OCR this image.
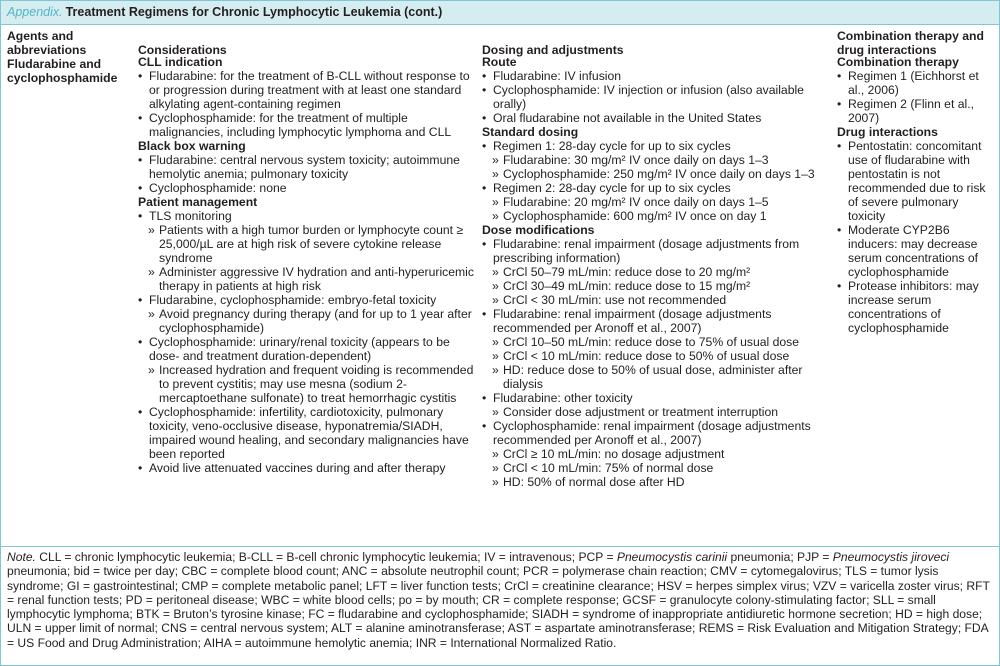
Appendix. Treatment Regimens for Chronic Lymphocytic Leukemia (cont.)
Agents and abbreviations
Fludarabine and cyclophosphamide
Considerations
CLL indication
• Fludarabine: for the treatment of B-CLL without response to or progression during treatment with at least one standard alkylating agent-containing regimen
• Cyclophosphamide: for the treatment of multiple malignancies, including lymphocytic lymphoma and CLL
Black box warning
• Fludarabine: central nervous system toxicity; autoimmune hemolytic anemia; pulmonary toxicity
• Cyclophosphamide: none
Patient management
• TLS monitoring
» Patients with a high tumor burden or lymphocyte count ≥ 25,000/µL are at high risk of severe cytokine release syndrome
» Administer aggressive IV hydration and anti-hyperuricemic therapy in patients at high risk
• Fludarabine, cyclophosphamide: embryo-fetal toxicity
» Avoid pregnancy during therapy (and for up to 1 year after cyclophosphamide)
• Cyclophosphamide: urinary/renal toxicity (appears to be dose- and treatment duration-dependent)
» Increased hydration and frequent voiding is recommended to prevent cystitis; may use mesna (sodium 2-mercaptoethane sulfonate) to treat hemorrhagic cystitis
• Cyclophosphamide: infertility, cardiotoxicity, pulmonary toxicity, veno-occlusive disease, hyponatremia/SIADH, impaired wound healing, and secondary malignancies have been reported
• Avoid live attenuated vaccines during and after therapy
Dosing and adjustments
Route
• Fludarabine: IV infusion
• Cyclophosphamide: IV injection or infusion (also available orally)
• Oral fludarabine not available in the United States
Standard dosing
• Regimen 1: 28-day cycle for up to six cycles
» Fludarabine: 30 mg/m² IV once daily on days 1–3
» Cyclophosphamide: 250 mg/m² IV once daily on days 1–3
• Regimen 2: 28-day cycle for up to six cycles
» Fludarabine: 20 mg/m² IV once daily on days 1–5
» Cyclophosphamide: 600 mg/m² IV once on day 1
Dose modifications
• Fludarabine: renal impairment (dosage adjustments from prescribing information)
» CrCl 50–79 mL/min: reduce dose to 20 mg/m²
» CrCl 30–49 mL/min: reduce dose to 15 mg/m²
» CrCl < 30 mL/min: use not recommended
• Fludarabine: renal impairment (dosage adjustments recommended per Aronoff et al., 2007)
» CrCl 10–50 mL/min: reduce dose to 75% of usual dose
» CrCl < 10 mL/min: reduce dose to 50% of usual dose
» HD: reduce dose to 50% of usual dose, administer after dialysis
• Fludarabine: other toxicity
» Consider dose adjustment or treatment interruption
• Cyclophosphamide: renal impairment (dosage adjustments recommended per Aronoff et al., 2007)
» CrCl ≥ 10 mL/min: no dosage adjustment
» CrCl < 10 mL/min: 75% of normal dose
» HD: 50% of normal dose after HD
Combination therapy and drug interactions
Combination therapy
• Regimen 1 (Eichhorst et al., 2006)
• Regimen 2 (Flinn et al., 2007)
Drug interactions
• Pentostatin: concomitant use of fludarabine with pentostatin is not recommended due to risk of severe pulmonary toxicity
• Moderate CYP2B6 inducers: may decrease serum concentrations of cyclophosphamide
• Protease inhibitors: may increase serum concentrations of cyclophosphamide
Note. CLL = chronic lymphocytic leukemia; B-CLL = B-cell chronic lymphocytic leukemia; IV = intravenous; PCP = Pneumocystis carinii pneumonia; PJP = Pneumocystis jiroveci pneumonia; bid = twice per day; CBC = complete blood count; ANC = absolute neutrophil count; PCR = polymerase chain reaction; CMV = cytomegalovirus; TLS = tumor lysis syndrome; GI = gastrointestinal; CMP = complete metabolic panel; LFT = liver function tests; CrCl = creatinine clearance; HSV = herpes simplex virus; VZV = varicella zoster virus; RFT = renal function tests; PD = peritoneal disease; WBC = white blood cells; po = by mouth; CR = complete response; GCSF = granulocyte colony-stimulating factor; SLL = small lymphocytic lymphoma; BTK = Bruton’s tyrosine kinase; FC = fludarabine and cyclophosphamide; SIADH = syndrome of inappropriate antidiuretic hormone secretion; HD = high dose; ULN = upper limit of normal; CNS = central nervous system; ALT = alanine aminotransferase; AST = aspartate aminotransferase; REMS = Risk Evaluation and Mitigation Strategy; FDA = US Food and Drug Administration; AIHA = autoimmune hemolytic anemia; INR = International Normalized Ratio.
